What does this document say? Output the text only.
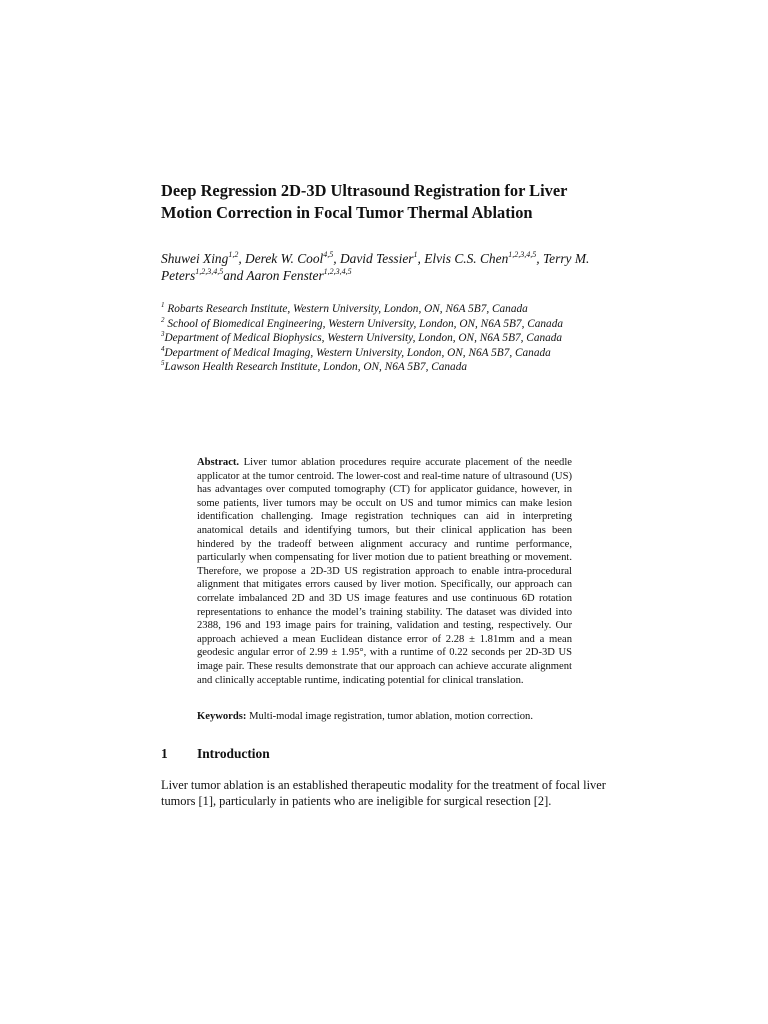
Deep Regression 2D-3D Ultrasound Registration for Liver Motion Correction in Focal Tumor Thermal Ablation
Shuwei Xing$^{1,2}$, Derek W. Cool$^{4,5}$, David Tessier$^1$, Elvis C.S. Chen$^{1,2,3,4,5}$, Terry M. Peters$^{1,2,3,4,5}$and Aaron Fenster$^{1,2,3,4,5}$
$^1$ Robarts Research Institute, Western University, London, ON, N6A 5B7, Canada
$^2$ School of Biomedical Engineering, Western University, London, ON, N6A 5B7, Canada
$^3$Department of Medical Biophysics, Western University, London, ON, N6A 5B7, Canada
$^4$Department of Medical Imaging, Western University, London, ON, N6A 5B7, Canada
$^5$Lawson Health Research Institute, London, ON, N6A 5B7, Canada
Abstract. Liver tumor ablation procedures require accurate placement of the needle applicator at the tumor centroid. The lower-cost and real-time nature of ultrasound (US) has advantages over computed tomography (CT) for applicator guidance, however, in some patients, liver tumors may be occult on US and tumor mimics can make lesion identification challenging. Image registration techniques can aid in interpreting anatomical details and identifying tumors, but their clinical application has been hindered by the tradeoff between alignment accuracy and runtime performance, particularly when compensating for liver motion due to patient breathing or movement. Therefore, we propose a 2D-3D US registration approach to enable intra-procedural alignment that mitigates errors caused by liver motion. Specifically, our approach can correlate imbalanced 2D and 3D US image features and use continuous 6D rotation representations to enhance the model’s training stability. The dataset was divided into 2388, 196 and 193 image pairs for training, validation and testing, respectively. Our approach achieved a mean Euclidean distance error of 2.28 ± 1.81mm and a mean geodesic angular error of 2.99 ± 1.95°, with a runtime of 0.22 seconds per 2D-3D US image pair. These results demonstrate that our approach can achieve accurate alignment and clinically acceptable runtime, indicating potential for clinical translation.
Keywords: Multi-modal image registration, tumor ablation, motion correction.
1 Introduction

Liver tumor ablation is an established therapeutic modality for the treatment of focal liver tumors [1], particularly in patients who are ineligible for surgical resection [2].
